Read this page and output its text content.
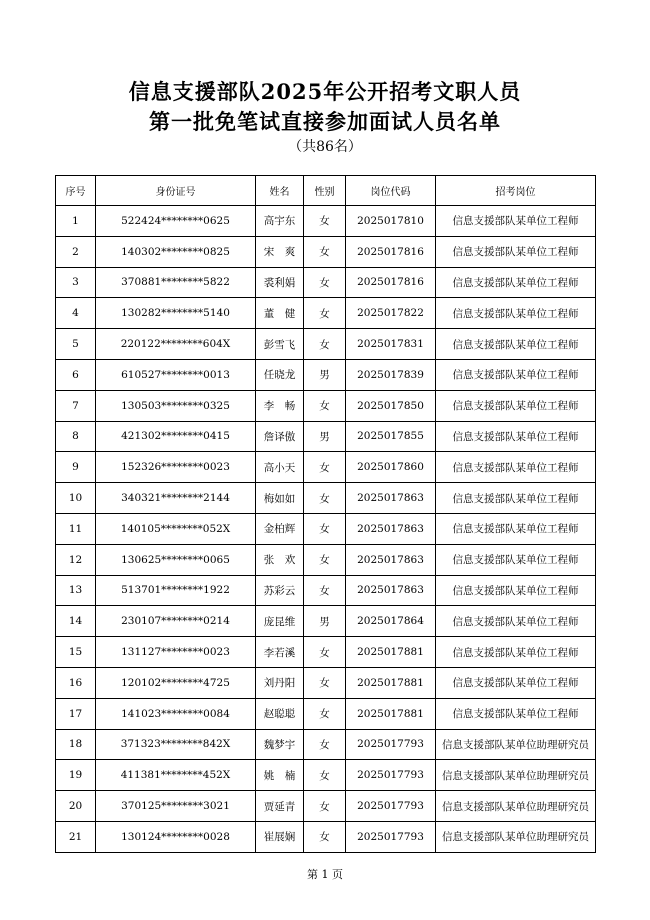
信息支援部队2025年公开招考文职人员
第一批免笔试直接参加面试人员名单
（共86名）
序号	身份证号	姓名	性别	岗位代码	招考岗位
1	522424********0625	高宇东	女	2025017810	信息支援部队某单位工程师
2	140302********0825	宋　爽	女	2025017816	信息支援部队某单位工程师
3	370881********5822	裘利娟	女	2025017816	信息支援部队某单位工程师
4	130282********5140	董　健	女	2025017822	信息支援部队某单位工程师
5	220122********604X	彭雪飞	女	2025017831	信息支援部队某单位工程师
6	610527********0013	任晓龙	男	2025017839	信息支援部队某单位工程师
7	130503********0325	李　畅	女	2025017850	信息支援部队某单位工程师
8	421302********0415	詹译傲	男	2025017855	信息支援部队某单位工程师
9	152326********0023	高小天	女	2025017860	信息支援部队某单位工程师
10	340321********2144	梅如如	女	2025017863	信息支援部队某单位工程师
11	140105********052X	金柏辉	女	2025017863	信息支援部队某单位工程师
12	130625********0065	张　欢	女	2025017863	信息支援部队某单位工程师
13	513701********1922	苏彩云	女	2025017863	信息支援部队某单位工程师
14	230107********0214	庞昆维	男	2025017864	信息支援部队某单位工程师
15	131127********0023	李若溪	女	2025017881	信息支援部队某单位工程师
16	120102********4725	刘丹阳	女	2025017881	信息支援部队某单位工程师
17	141023********0084	赵聪聪	女	2025017881	信息支援部队某单位工程师
18	371323********842X	魏梦宇	女	2025017793	信息支援部队某单位助理研究员
19	411381********452X	姚　楠	女	2025017793	信息支援部队某单位助理研究员
20	370125********3021	贾延青	女	2025017793	信息支援部队某单位助理研究员
21	130124********0028	崔展娴	女	2025017793	信息支援部队某单位助理研究员
第 1 页
